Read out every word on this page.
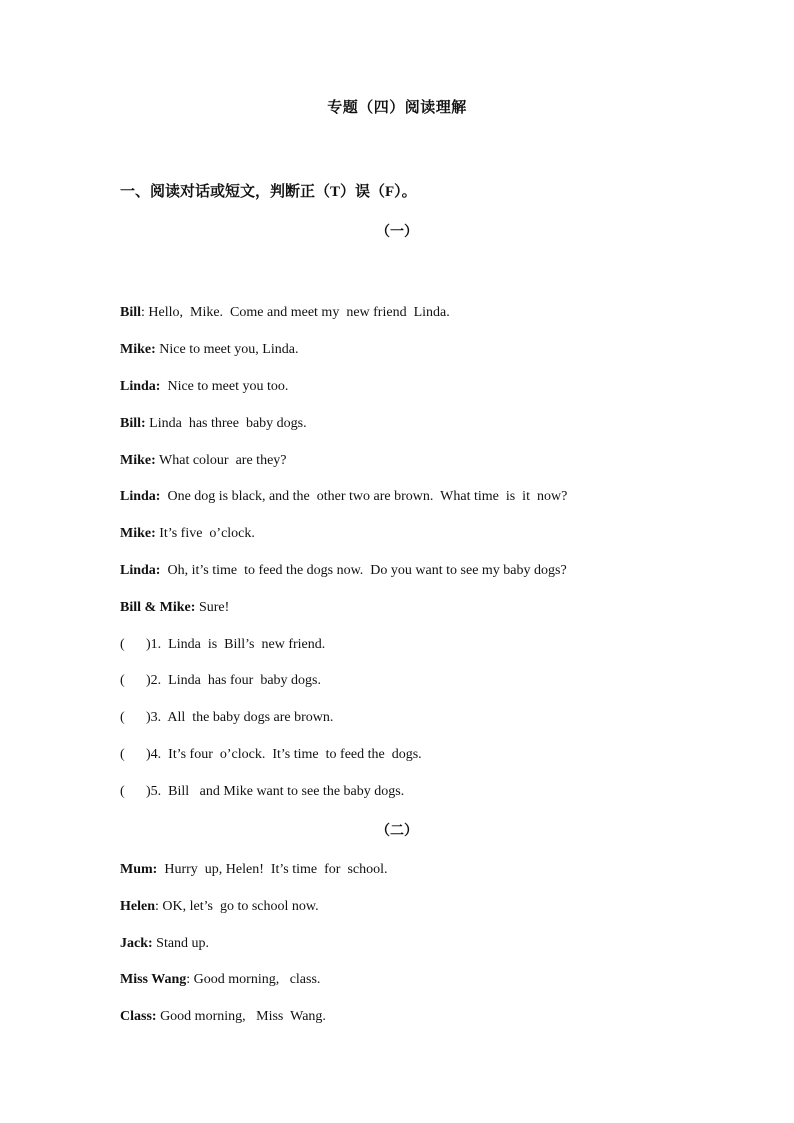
专题（四）阅读理解
一、阅读对话或短文，判断正（T）误（F）。
（一）
Bill: Hello,  Mike.  Come and meet my  new friend  Linda.
Mike: Nice to meet you, Linda.
Linda:  Nice to meet you too.
Bill: Linda  has three  baby dogs.
Mike: What colour  are they?
Linda:  One dog is black, and the  other two are brown.  What time  is  it  now?
Mike: It’s five  o’clock.
Linda:  Oh, it’s time  to feed the dogs now.  Do you want to see my baby dogs?
Bill & Mike: Sure!
( )1.  Linda  is  Bill’s  new friend.
( )2.  Linda  has four  baby dogs.
( )3.  All  the baby dogs are brown.
( )4.  It’s four  o’clock.  It’s time  to feed the  dogs.
( )5.  Bill   and Mike want to see the baby dogs.
（二）
Mum:  Hurry  up, Helen!  It’s time  for  school.
Helen: OK, let’s  go to school now.
Jack: Stand up.
Miss Wang: Good morning,   class.
Class: Good morning,   Miss  Wang.
